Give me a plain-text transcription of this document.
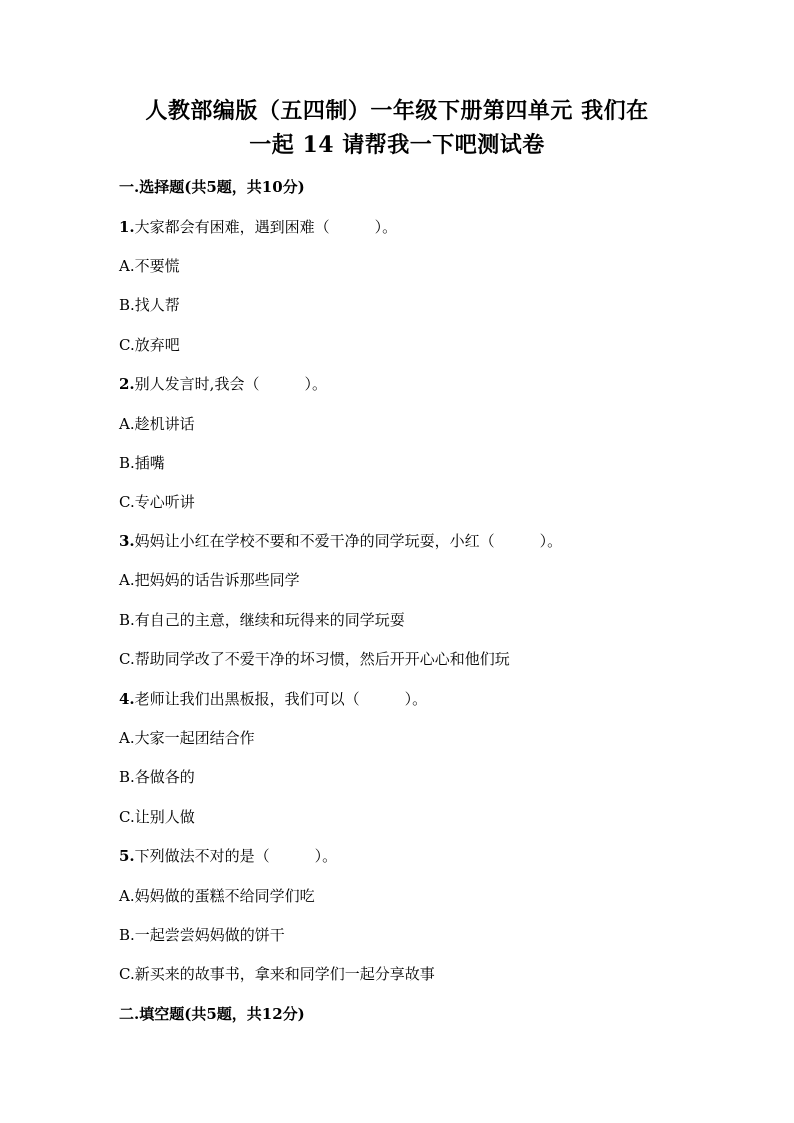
人教部编版（五四制）一年级下册第四单元 我们在
一起 14 请帮我一下吧测试卷
一.选择题(共5题，共10分)
1.大家都会有困难，遇到困难（　　　）。
A.不要慌
B.找人帮
C.放弃吧
2.别人发言时,我会（　　　）。
A.趁机讲话
B.插嘴
C.专心听讲
3.妈妈让小红在学校不要和不爱干净的同学玩耍，小红（　　　）。
A.把妈妈的话告诉那些同学
B.有自己的主意，继续和玩得来的同学玩耍
C.帮助同学改了不爱干净的坏习惯，然后开开心心和他们玩
4.老师让我们出黑板报，我们可以（　　　）。
A.大家一起团结合作
B.各做各的
C.让别人做
5.下列做法不对的是（　　　）。
A.妈妈做的蛋糕不给同学们吃
B.一起尝尝妈妈做的饼干
C.新买来的故事书，拿来和同学们一起分享故事
二.填空题(共5题，共12分)
